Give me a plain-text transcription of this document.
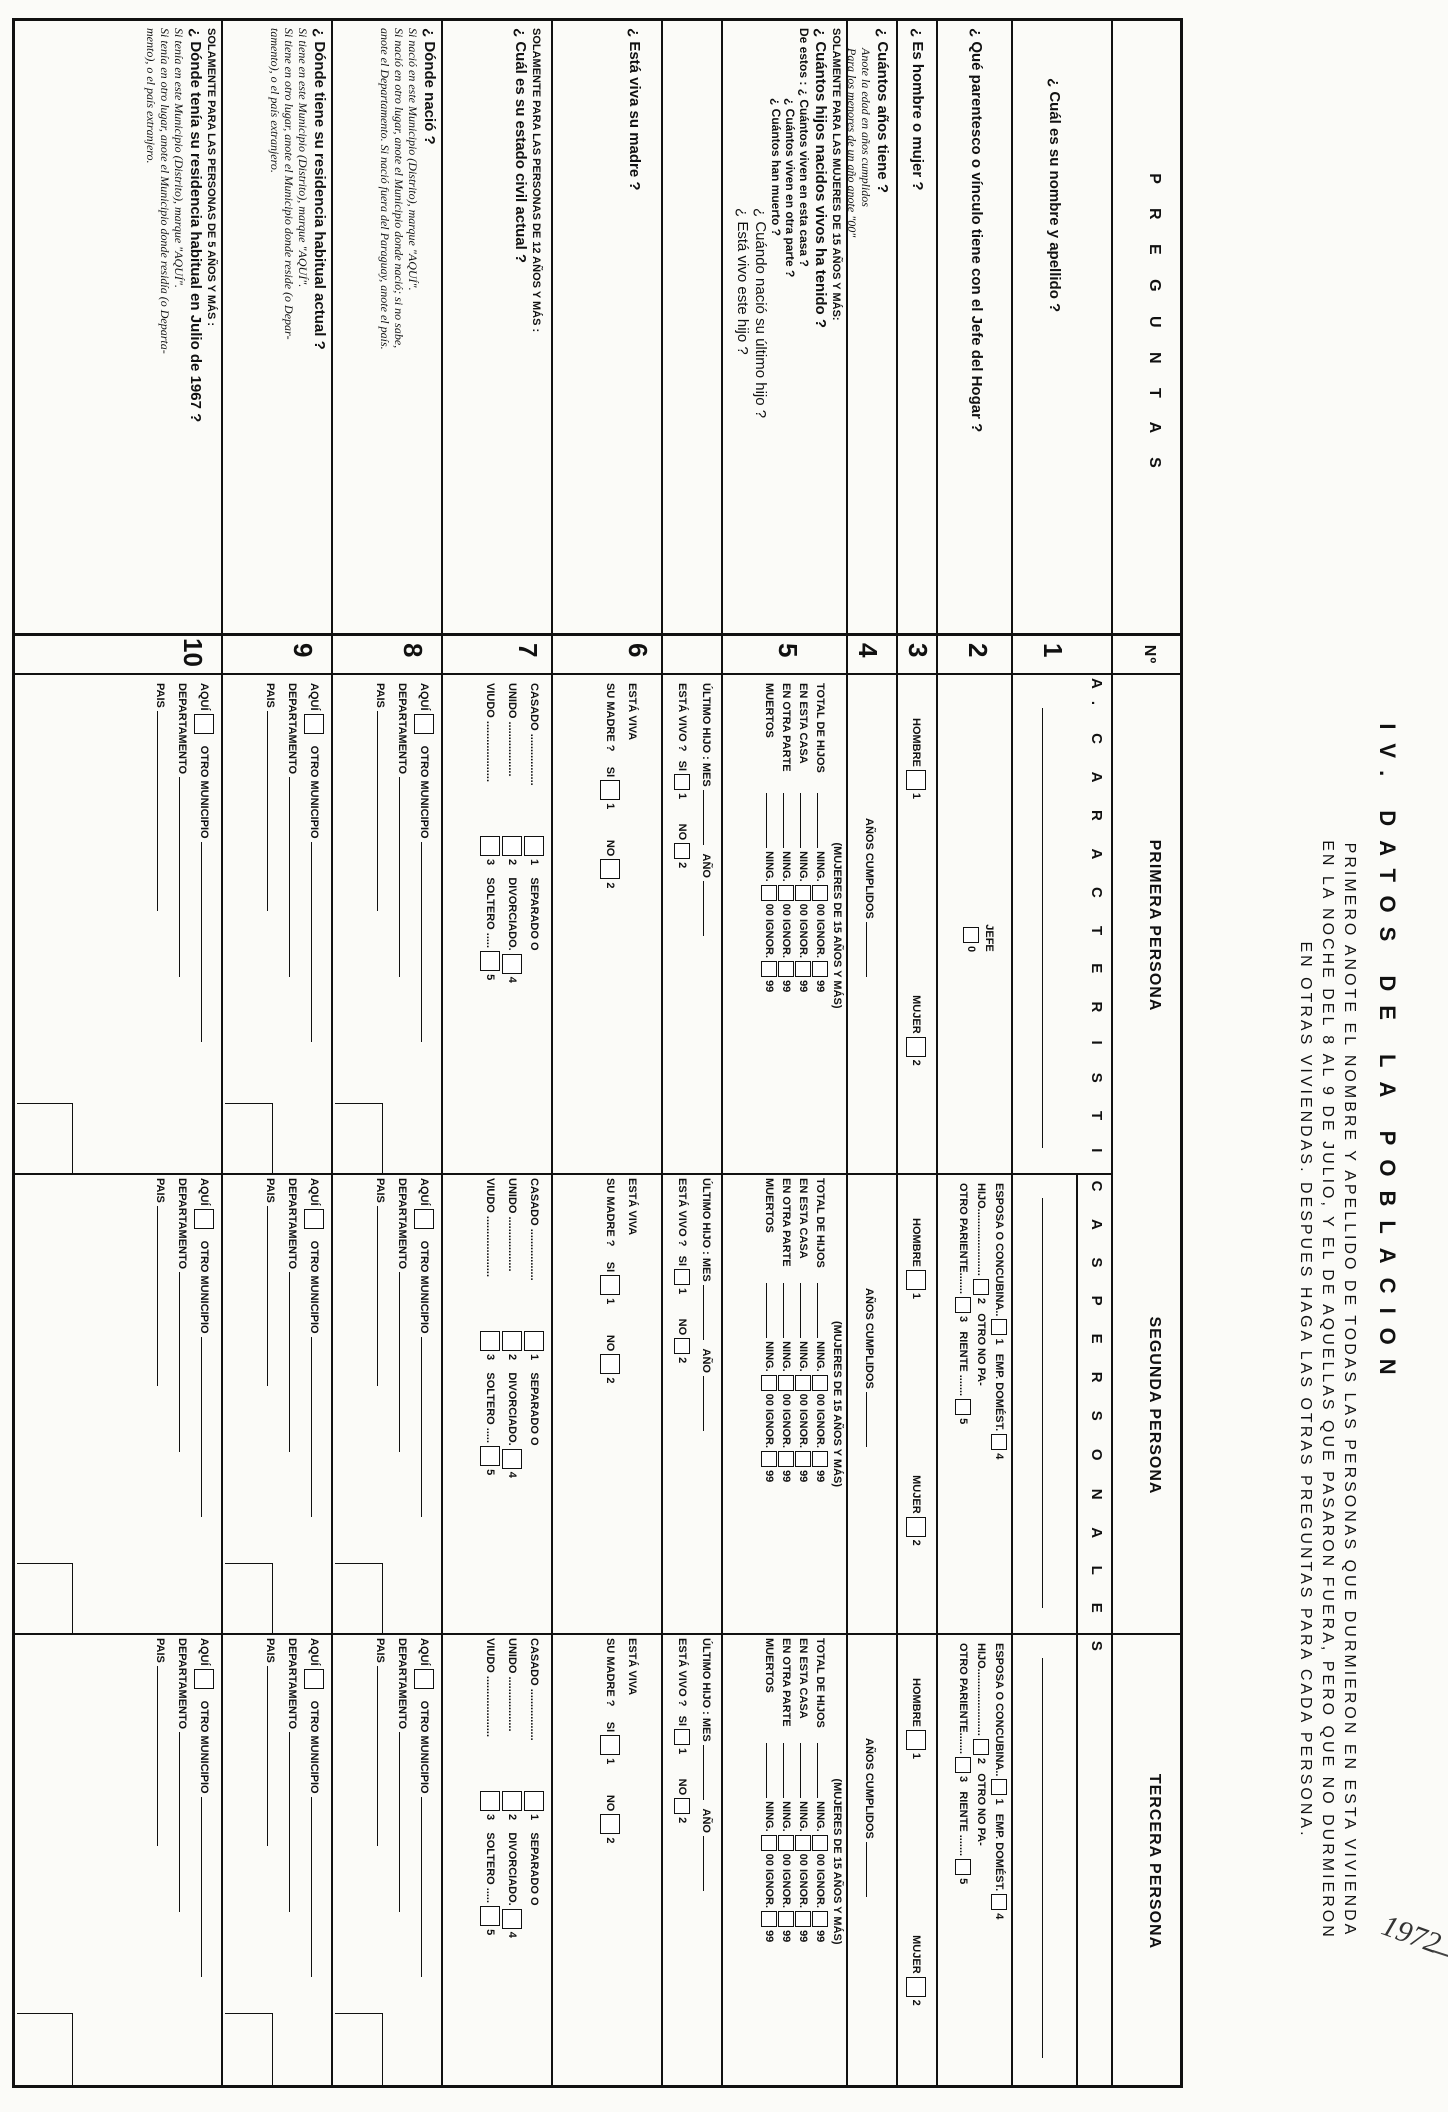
1972
IV. DATOS DE LA POBLACION
PRIMERO ANOTE EL NOMBRE Y APELLIDO DE TODAS LAS PERSONAS QUE DURMIERON EN ESTA VIVIENDA
EN LA NOCHE DEL 8 AL 9 DE JULIO, Y EL DE AQUELLAS QUE PASARON FUERA, PERO QUE NO DURMIERON
EN OTRAS VIVIENDAS. DESPUES HAGA LAS OTRAS PREGUNTAS PARA CADA PERSONA.
P R E G U N T A S
Nº
PRIMERA PERSONA
SEGUNDA PERSONA
TERCERA PERSONA
A. C A R A C T E R I S T I C A S P E R S O N A L E S
¿ Cuál es su nombre y apellido ?
1
¿ Qué parentesco o vínculo tiene con el Jefe del Hogar ?
2
JEFE
0
ESPOSA O CONCUBINA..1   EMP. DOMÉST.4
HIJO......................2   OTRO NO PA-
OTRO PARIENTE.......3   RIENTE .......5
ESPOSA O CONCUBINA..1   EMP. DOMÉST.4
HIJO......................2   OTRO NO PA-
OTRO PARIENTE.......3   RIENTE .......5
¿ Es hombre o mujer ?
3
HOMBRE1  MUJER2
HOMBRE1  MUJER2
HOMBRE1  MUJER2
¿ Cuántos años tiene ?
Anote la edad en años cumplidos
Para los menores de un año anote "00"
4
AÑOS CUMPLIDOS
AÑOS CUMPLIDOS
AÑOS CUMPLIDOS
SOLAMENTE PARA LAS MUJERES DE 15 AÑOS Y MÁS:
¿ Cuántos hijos nacidos vivos ha tenido ?
De estos : ¿ Cuántos viven en esta casa ?
¿ Cuántos viven en otra parte ?
¿ Cuántos han muerto ?
¿ Cuándo nació su último hijo ?
¿ Está vivo este hijo ?
5
(MUJERES DE 15 AÑOS Y MÁS)
TOTAL DE HIJOS NING.00 IGNOR.99
EN ESTA CASA NING.00 IGNOR.99
EN OTRA PARTE NING.00 IGNOR.99
MUERTOS NING.00 IGNOR.99
(MUJERES DE 15 AÑOS Y MÁS)
TOTAL DE HIJOS NING.00 IGNOR.99
EN ESTA CASA NING.00 IGNOR.99
EN OTRA PARTE NING.00 IGNOR.99
MUERTOS NING.00 IGNOR.99
(MUJERES DE 15 AÑOS Y MÁS)
TOTAL DE HIJOS NING.00 IGNOR.99
EN ESTA CASA NING.00 IGNOR.99
EN OTRA PARTE NING.00 IGNOR.99
MUERTOS NING.00 IGNOR.99
ÚLTIMO HIJO : MES    AÑO
ESTÁ VIVO ?   SI1        NO2
ÚLTIMO HIJO : MES    AÑO
ESTÁ VIVO ?   SI1        NO2
ÚLTIMO HIJO : MES    AÑO
ESTÁ VIVO ?   SI1        NO2
¿ Está viva su madre ?
6
ESTÁ VIVA
SU MADRE ?     SI1          NO2
ESTÁ VIVA
SU MADRE ?     SI1          NO2
ESTÁ VIVA
SU MADRE ?     SI1          NO2
SOLAMENTE PARA LAS PERSONAS DE 12 AÑOS Y MÁS :
¿ Cuál es su estado civil actual ?
7
CASADO .................1    SEPARADO O
UNIDO ..................2    DIVORCIADO.4
VIUDO ....................3    SOLTERO .....5
CASADO .................1    SEPARADO O
UNIDO ..................2    DIVORCIADO.4
VIUDO ....................3    SOLTERO .....5
CASADO .................1    SEPARADO O
UNIDO ..................2    DIVORCIADO.4
VIUDO ....................3    SOLTERO .....5
¿ Dónde nació ?
Si nació en este Municipio (Distrito), marque "AQUÍ".
Si nació en otro lugar, anote el Municipio donde nació; si no sabe,
anote el Departamento. Si nació fuera del Paraguay, anote el país.
8
¿ Dónde tiene su residencia habitual actual ?
Si tiene en este Municipio (Distrito), marque "AQUÍ".
Si tiene en otro lugar, anote el Municipio donde reside (o Depar-
tamento), o el país extranjero.
9
SOLAMENTE PARA LAS PERSONAS DE 5 AÑOS Y MÁS :
¿ Dónde tenía su residencia habitual en Julio de 1967 ?
Si tenía en este Municipio (Distrito), marque "AQUÍ".
Si tenía en otro lugar, anote el Municipio donde residía (o Departa-
mento), o el país extranjero.
10
AQUÍ   OTRO MUNICIPIO
DEPARTAMENTO
PAIS
AQUÍ   OTRO MUNICIPIO
DEPARTAMENTO
PAIS
AQUÍ   OTRO MUNICIPIO
DEPARTAMENTO
PAIS
AQUÍ   OTRO MUNICIPIO
DEPARTAMENTO
PAIS
AQUÍ   OTRO MUNICIPIO
DEPARTAMENTO
PAIS
AQUÍ   OTRO MUNICIPIO
DEPARTAMENTO
PAIS
AQUÍ   OTRO MUNICIPIO
DEPARTAMENTO
PAIS
AQUÍ   OTRO MUNICIPIO
DEPARTAMENTO
PAIS
AQUÍ   OTRO MUNICIPIO
DEPARTAMENTO
PAIS
